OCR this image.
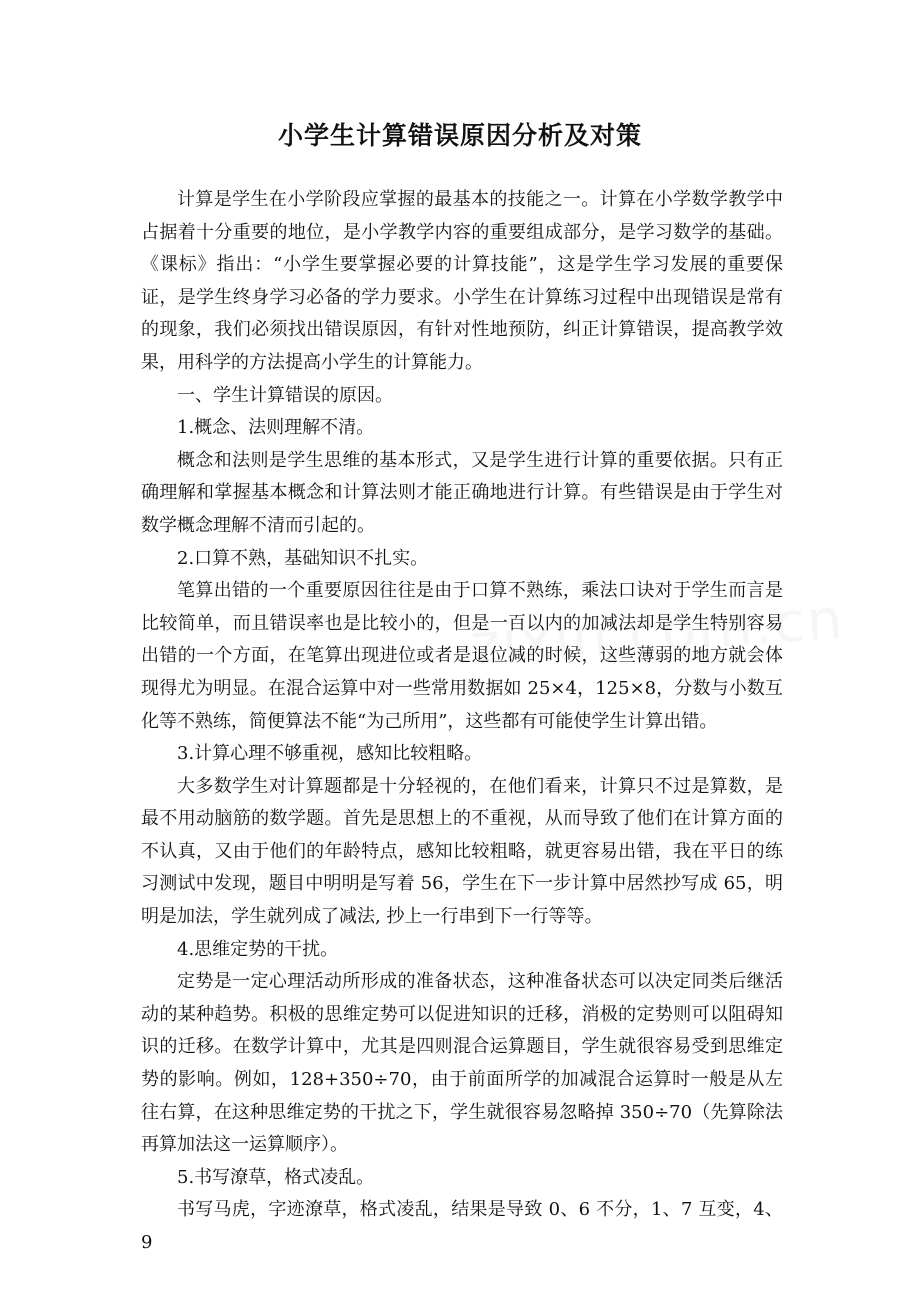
小学生计算错误原因分析及对策

计算是学生在小学阶段应掌握的最基本的技能之一。计算在小学数学教学中占据着十分重要的地位，是小学教学内容的重要组成部分，是学习数学的基础。《课标》指出：“小学生要掌握必要的计算技能”，这是学生学习发展的重要保证，是学生终身学习必备的学力要求。小学生在计算练习过程中出现错误是常有的现象，我们必须找出错误原因，有针对性地预防，纠正计算错误，提高教学效果，用科学的方法提高小学生的计算能力。

一、学生计算错误的原因。

1.概念、法则理解不清。

概念和法则是学生思维的基本形式，又是学生进行计算的重要依据。只有正确理解和掌握基本概念和计算法则才能正确地进行计算。有些错误是由于学生对数学概念理解不清而引起的。

2.口算不熟，基础知识不扎实。

笔算出错的一个重要原因往往是由于口算不熟练，乘法口诀对于学生而言是比较简单，而且错误率也是比较小的，但是一百以内的加减法却是学生特别容易出错的一个方面，在笔算出现进位或者是退位减的时候，这些薄弱的地方就会体现得尤为明显。在混合运算中对一些常用数据如 25×4，125×8，分数与小数互化等不熟练，简便算法不能“为己所用”，这些都有可能使学生计算出错。

3.计算心理不够重视，感知比较粗略。

大多数学生对计算题都是十分轻视的，在他们看来，计算只不过是算数，是最不用动脑筋的数学题。首先是思想上的不重视，从而导致了他们在计算方面的不认真，又由于他们的年龄特点，感知比较粗略，就更容易出错，我在平日的练习测试中发现，题目中明明是写着 56，学生在下一步计算中居然抄写成 65，明明是加法，学生就列成了减法, 抄上一行串到下一行等等。

4.思维定势的干扰。

定势是一定心理活动所形成的准备状态，这种准备状态可以决定同类后继活动的某种趋势。积极的思维定势可以促进知识的迁移，消极的定势则可以阻碍知识的迁移。在数学计算中，尤其是四则混合运算题目，学生就很容易受到思维定势的影响。例如，128+350÷70，由于前面所学的加减混合运算时一般是从左往右算，在这种思维定势的干扰之下，学生就很容易忽略掉 350÷70（先算除法再算加法这一运算顺序）。

5.书写潦草，格式凌乱。

书写马虎，字迹潦草，格式凌乱，结果是导致 0、6 不分，1、7 互变，4、9
